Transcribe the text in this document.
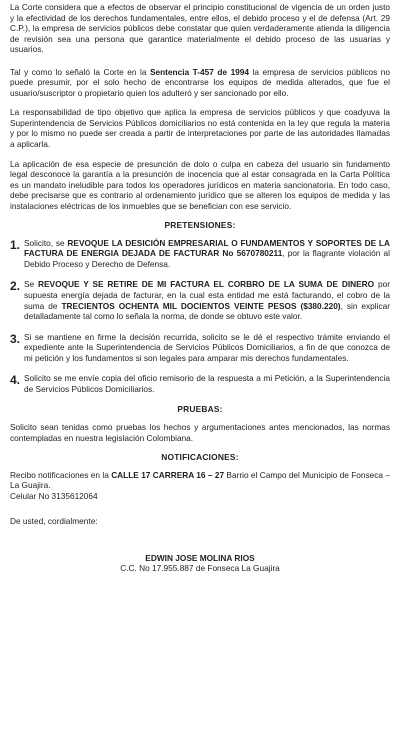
La Corte considera que a efectos de observar el principio constitucional de vigencia de un orden justo y la efectividad de los derechos fundamentales, entre ellos, el debido proceso y el de defensa (Art. 29 C.P.), la empresa de servicios públicos debe constatar que quien verdaderamente atienda la diligencia de revisión sea una persona que garantice materialmente el debido proceso de las usuarias y usuarios.

Tal y como lo señaló la Corte en la Sentencia T-457 de 1994 la empresa de servicios públicos no puede presumir, por el solo hecho de encontrarse los equipos de medida alterados, que fue el usuario/suscriptor o propietario quien los adulteró y ser sancionado por ello.

La responsabilidad de tipo objetivo que aplica la empresa de servicios públicos y que coadyuva la Superintendencia de Servicios Públicos domiciliarios no está contenida en la ley que regula la materia y por lo mismo no puede ser creada a partir de interpretaciones por parte de las autoridades llamadas a aplicarla.

La aplicación de esa especie de presunción de dolo o culpa en cabeza del usuario sin fundamento legal desconoce la garantía a la presunción de inocencia que al estar consagrada en la Carta Política es un mandato ineludible para todos los operadores jurídicos en materia sancionatoria. En todo caso, debe precisarse que es contrario al ordenamiento jurídico que se alteren los equipos de medida y las instalaciones eléctricas de los inmuebles que se benefician con ese servicio.

PRETENSIONES:
1. Solicito, se REVOQUE LA DESICIÓN EMPRESARIAL O FUNDAMENTOS Y SOPORTES DE LA FACTURA DE ENERGIA DEJADA DE FACTURAR No 5670780211, por la flagrante violación al Debido Proceso y Derecho de Defensa.
2. Se REVOQUE Y SE RETIRE DE MI FACTURA EL CORBRO DE LA SUMA DE DINERO por supuesta energía dejada de facturar, en la cual esta entidad me está facturando, el cobro de la suma de TRECIENTOS OCHENTA MIL DOCIENTOS VEINTE PESOS ($380.220), sin explicar detalladamente tal como lo señala la norma, de donde se obtuvo este valor.
3. Si se mantiene en firme la decisión recurrida, solicito se le dé el respectivo trámite enviando el expediente ante la Superintendencia de Servicios Públicos Domiciliarios, a fin de que conozca de mi petición y los fundamentos si son legales para amparar mis derechos fundamentales.
4. Solicito se me envíe copia del oficio remisorio de la respuesta a mi Petición, a la Superintendencia de Servicios Públicos Domiciliarios.
PRUEBAS:

Solicito sean tenidas como pruebas los hechos y argumentaciones antes mencionados, las normas contempladas en nuestra legislación Colombiana.

NOTIFICACIONES:

Recibo notificaciones en la CALLE 17 CARRERA 16 – 27 Barrio el Campo del Municipio de Fonseca – La Guajira.

Celular No 3135612064

De usted, cordialmente:

EDWIN JOSE MOLINA RIOS
C.C. No 17.955.887 de Fonseca La Guajira
